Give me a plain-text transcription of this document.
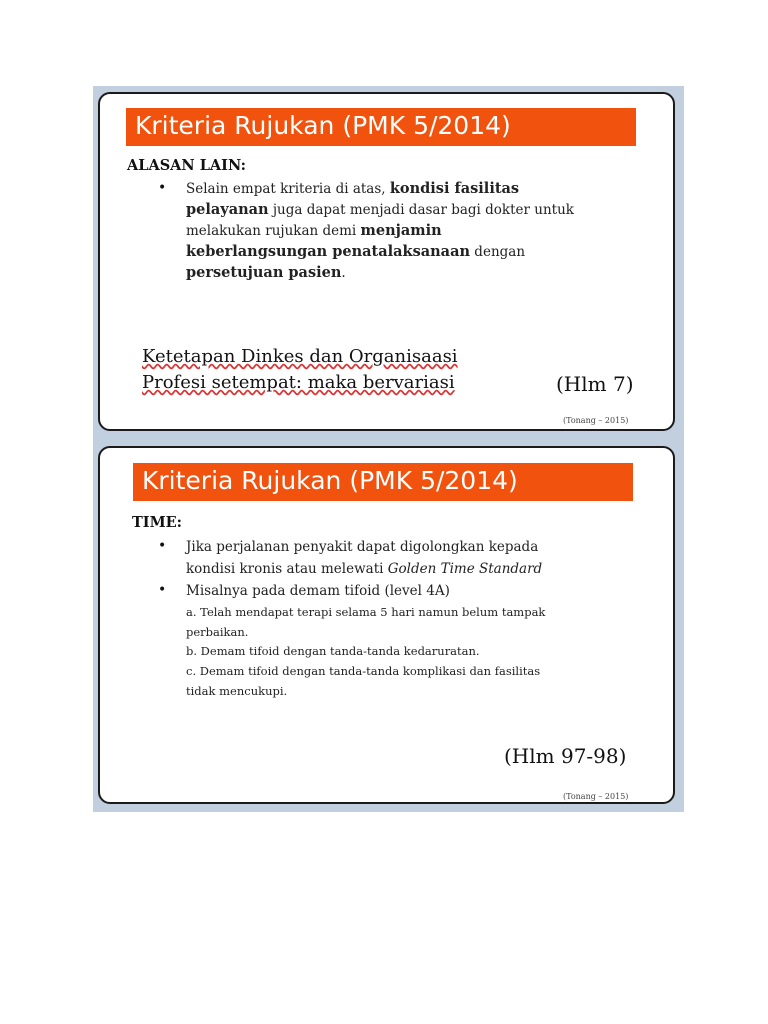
Kriteria Rujukan (PMK 5/2014)
ALASAN LAIN:
• Selain empat kriteria di atas, kondisi fasilitas
pelayanan juga dapat menjadi dasar bagi dokter untuk
melakukan rujukan demi menjamin
keberlangsungan penatalaksanaan dengan
persetujuan pasien.
Ketetapan Dinkes dan Organisaasi
Profesi setempat: maka bervariasi	(Hlm 7)
(Tonang – 2015)
Kriteria Rujukan (PMK 5/2014)
TIME:
• Jika perjalanan penyakit dapat digolongkan kepada
kondisi kronis atau melewati Golden Time Standard
• Misalnya pada demam tifoid (level 4A)
a. Telah mendapat terapi selama 5 hari namun belum tampak
perbaikan.
b. Demam tifoid dengan tanda-tanda kedaruratan.
c. Demam tifoid dengan tanda-tanda komplikasi dan fasilitas
tidak mencukupi.
(Hlm 97-98)
(Tonang – 2015)
